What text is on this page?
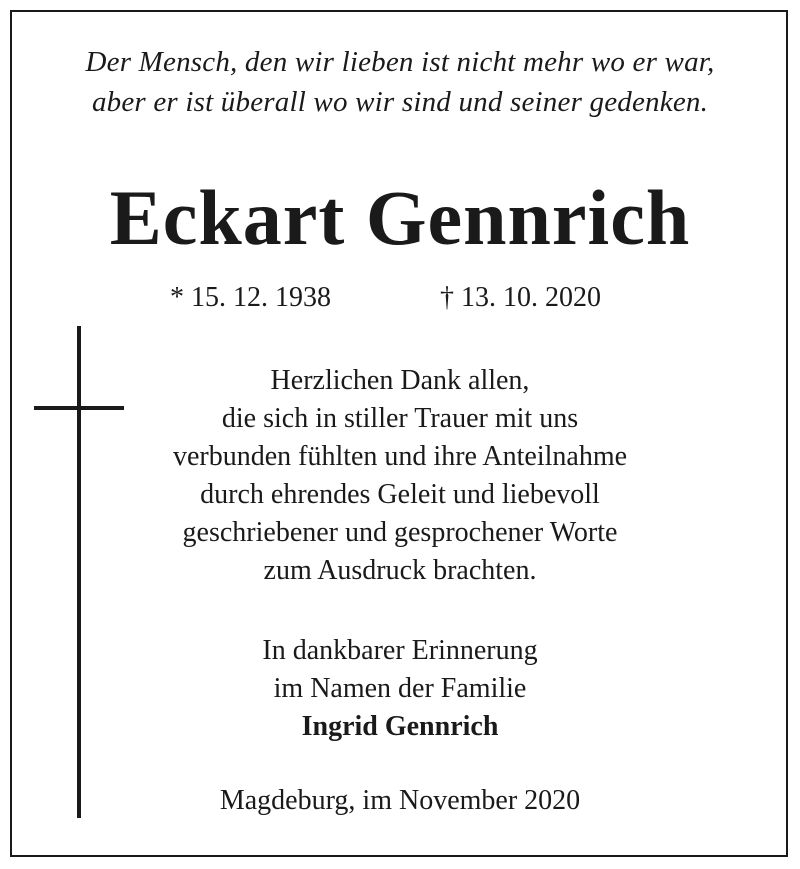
Der Mensch, den wir lieben ist nicht mehr wo er war,
aber er ist überall wo wir sind und seiner gedenken.
Eckart Gennrich
* 15. 12. 1938	† 13. 10. 2020
Herzlichen Dank allen,
die sich in stiller Trauer mit uns
verbunden fühlten und ihre Anteilnahme
durch ehrendes Geleit und liebevoll
geschriebener und gesprochener Worte
zum Ausdruck brachten.
In dankbarer Erinnerung
im Namen der Familie
Ingrid Gennrich
Magdeburg, im November 2020
